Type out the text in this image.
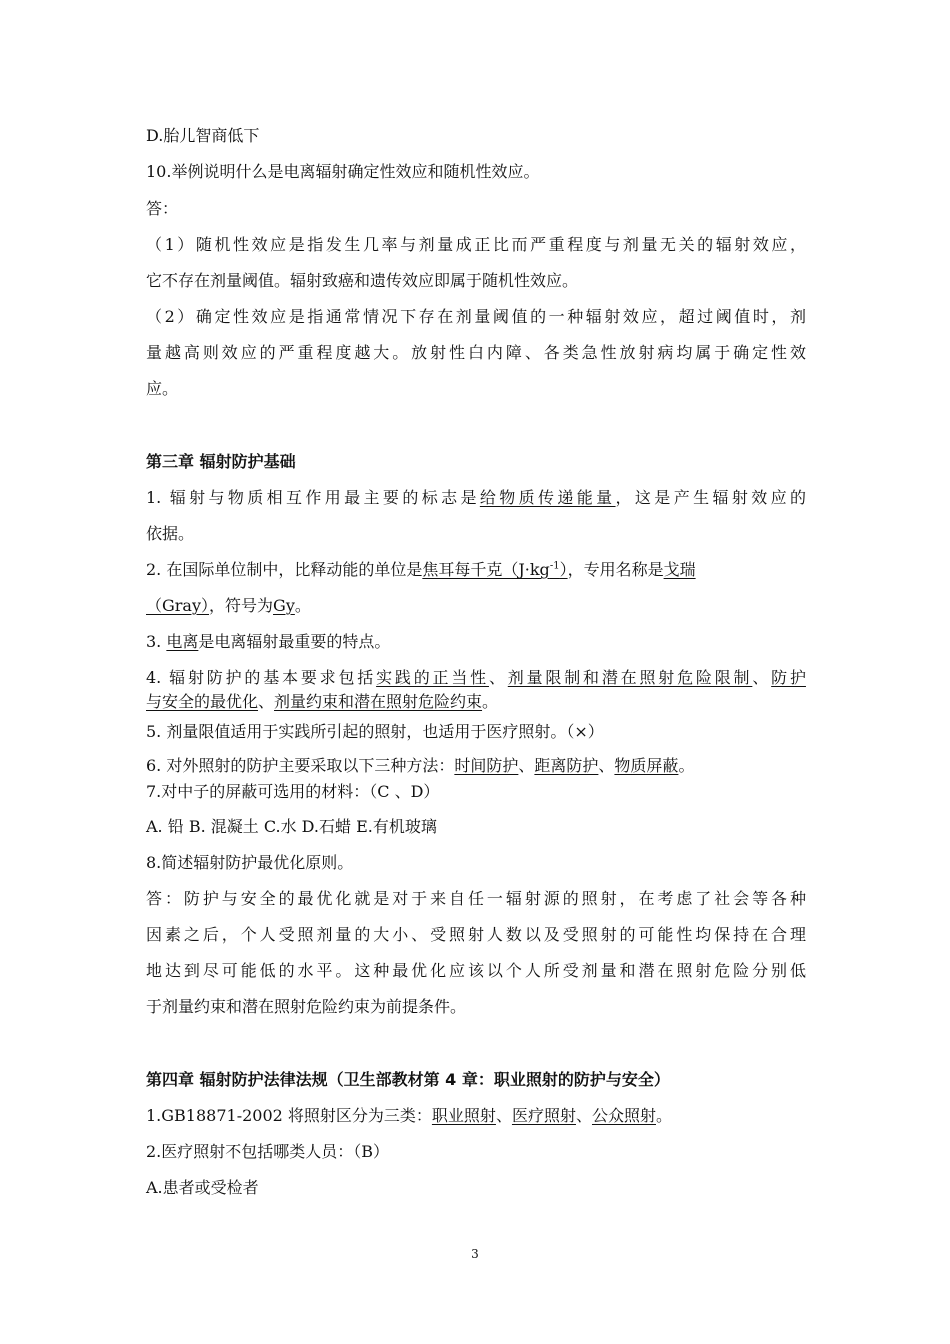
D.胎儿智商低下
10.举例说明什么是电离辐射确定性效应和随机性效应。
答：
（1）随机性效应是指发生几率与剂量成正比而严重程度与剂量无关的辐射效应，
它不存在剂量阈值。辐射致癌和遗传效应即属于随机性效应。
（2）确定性效应是指通常情况下存在剂量阈值的一种辐射效应，超过阈值时，剂
量越高则效应的严重程度越大。放射性白内障、各类急性放射病均属于确定性效
应。
第三章 辐射防护基础
1. 辐射与物质相互作用最主要的标志是给物质传递能量，这是产生辐射效应的
依据。
2. 在国际单位制中，比释动能的单位是焦耳每千克$(J\cdot kg^{-1})$，专用名称是戈瑞
（Gray），符号为Gy。
3. 电离是电离辐射最重要的特点。
4. 辐射防护的基本要求包括实践的正当性、剂量限制和潜在照射危险限制、防护
与安全的最优化、剂量约束和潜在照射危险约束。
5. 剂量限值适用于实践所引起的照射，也适用于医疗照射。（×）
6. 对外照射的防护主要采取以下三种方法：时间防护、距离防护、物质屏蔽。
7.对中子的屏蔽可选用的材料：（C 、D）
A. 铅 B. 混凝土 C.水 D.石蜡 E.有机玻璃
8.简述辐射防护最优化原则。
答：防护与安全的最优化就是对于来自任一辐射源的照射，在考虑了社会等各种
因素之后，个人受照剂量的大小、受照射人数以及受照射的可能性均保持在合理
地达到尽可能低的水平。这种最优化应该以个人所受剂量和潜在照射危险分别低
于剂量约束和潜在照射危险约束为前提条件。
第四章 辐射防护法律法规（卫生部教材第 4 章：职业照射的防护与安全）
1.GB18871-2002 将照射区分为三类：职业照射、医疗照射、公众照射。
2.医疗照射不包括哪类人员：（B）
A.患者或受检者
3
